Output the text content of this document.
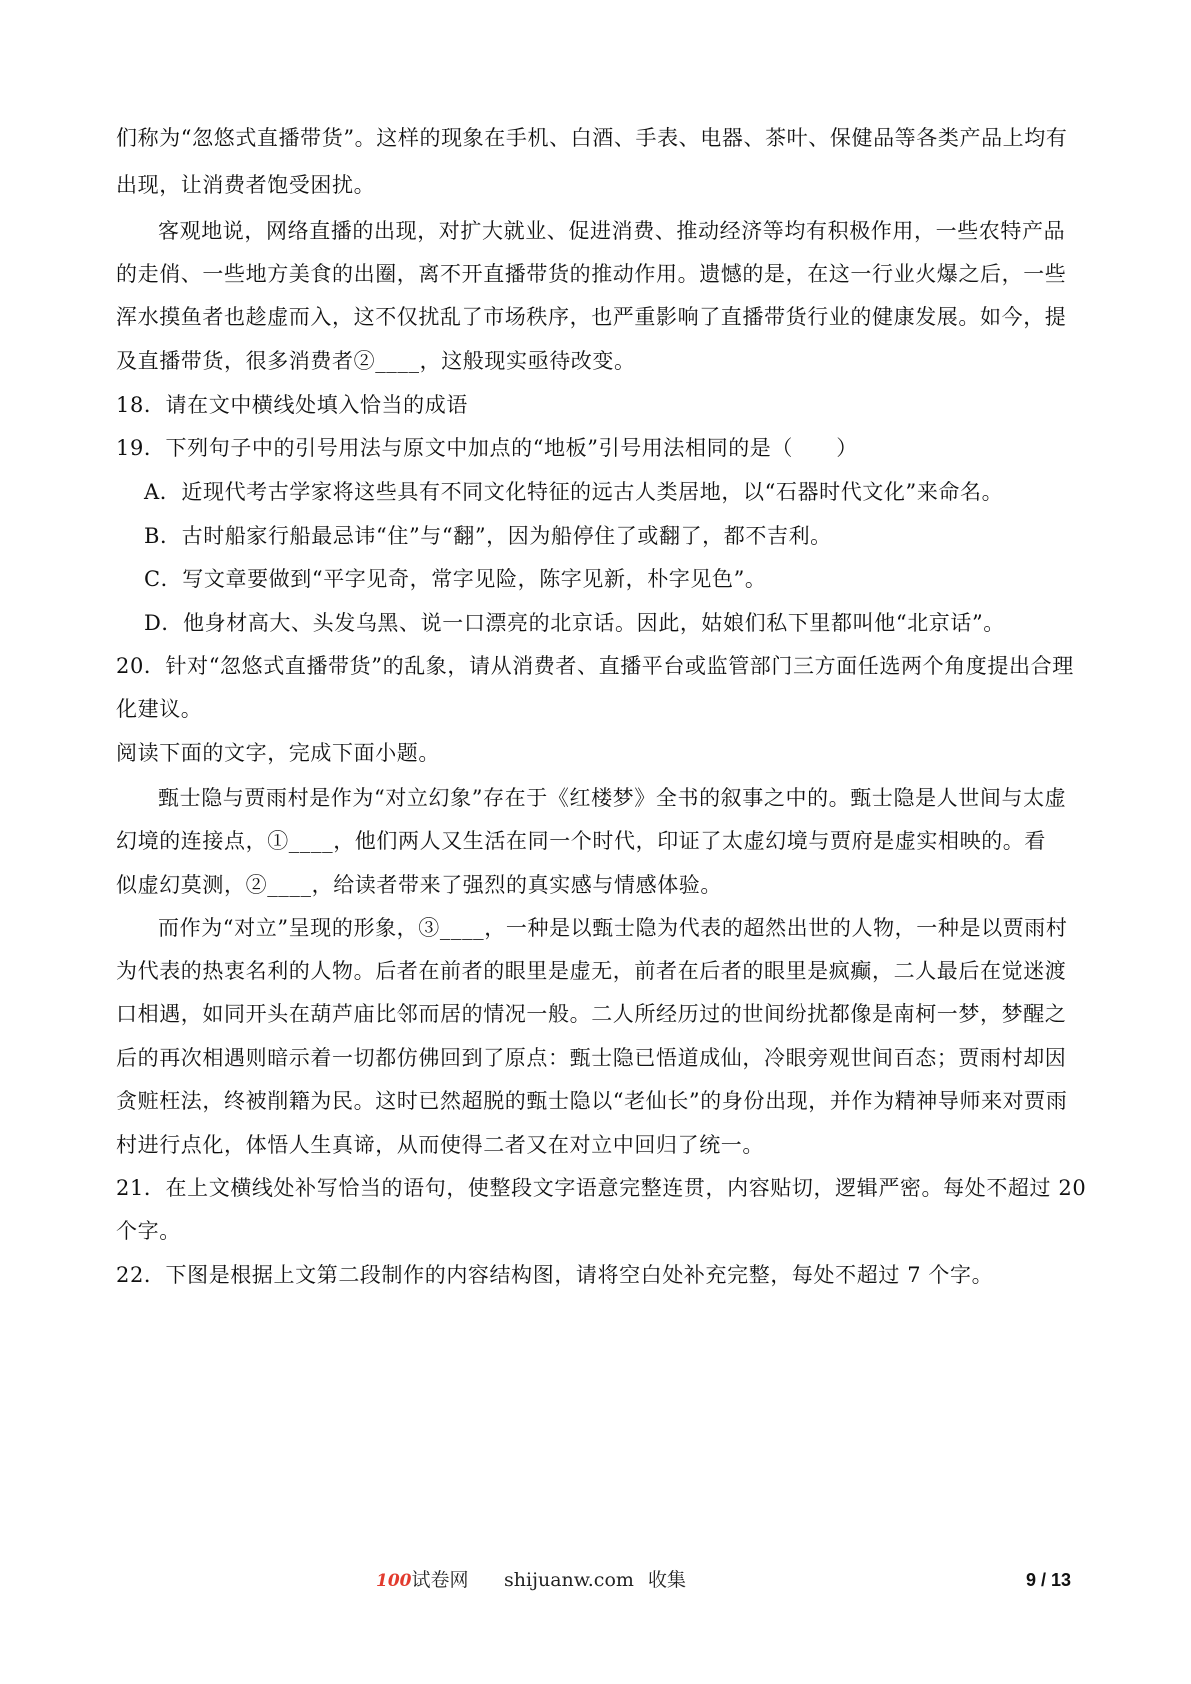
们称为“忽悠式直播带货”。这样的现象在手机、白酒、手表、电器、茶叶、保健品等各类产品上均有
出现，让消费者饱受困扰。
客观地说，网络直播的出现，对扩大就业、促进消费、推动经济等均有积极作用，一些农特产品
的走俏、一些地方美食的出圈，离不开直播带货的推动作用。遗憾的是，在这一行业火爆之后，一些
浑水摸鱼者也趁虚而入，这不仅扰乱了市场秩序，也严重影响了直播带货行业的健康发展。如今，提
及直播带货，很多消费者②____，这般现实亟待改变。
18．请在文中横线处填入恰当的成语
19．下列句子中的引号用法与原文中加点的“地板”引号用法相同的是（　　）
A．近现代考古学家将这些具有不同文化特征的远古人类居地，以“石器时代文化”来命名。
B．古时船家行船最忌讳“住”与“翻”，因为船停住了或翻了，都不吉利。
C．写文章要做到“平字见奇，常字见险，陈字见新，朴字见色”。
D．他身材高大、头发乌黑、说一口漂亮的北京话。因此，姑娘们私下里都叫他“北京话”。
20．针对“忽悠式直播带货”的乱象，请从消费者、直播平台或监管部门三方面任选两个角度提出合理
化建议。
阅读下面的文字，完成下面小题。
甄士隐与贾雨村是作为“对立幻象”存在于《红楼梦》全书的叙事之中的。甄士隐是人世间与太虚
幻境的连接点，①____，他们两人又生活在同一个时代，印证了太虚幻境与贾府是虚实相映的。看
似虚幻莫测，②____，给读者带来了强烈的真实感与情感体验。
而作为“对立”呈现的形象，③____，一种是以甄士隐为代表的超然出世的人物，一种是以贾雨村
为代表的热衷名利的人物。后者在前者的眼里是虚无，前者在后者的眼里是疯癫，二人最后在觉迷渡
口相遇，如同开头在葫芦庙比邻而居的情况一般。二人所经历过的世间纷扰都像是南柯一梦，梦醒之
后的再次相遇则暗示着一切都仿佛回到了原点：甄士隐已悟道成仙，冷眼旁观世间百态；贾雨村却因
贪赃枉法，终被削籍为民。这时已然超脱的甄士隐以“老仙长”的身份出现，并作为精神导师来对贾雨
村进行点化，体悟人生真谛，从而使得二者又在对立中回归了统一。
21．在上文横线处补写恰当的语句，使整段文字语意完整连贯，内容贴切，逻辑严密。每处不超过 20
个字。
22．下图是根据上文第二段制作的内容结构图，请将空白处补充完整，每处不超过 7 个字。
100试卷网 shijuanw.com 收集	9 / 13
